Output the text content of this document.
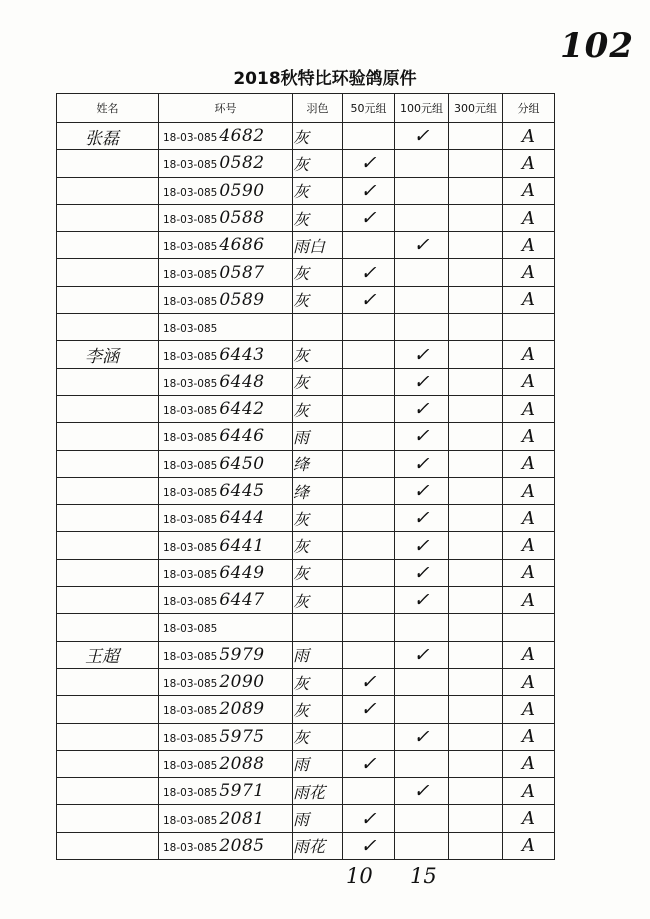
102
2018秋特比环验鸽原件
姓名	环号	羽色	50元组	100元组	300元组	分组
张磊	18-03-085 4682	灰		✓		A
	18-03-085 0582	灰	✓			A
	18-03-085 0590	灰	✓			A
	18-03-085 0588	灰	✓			A
	18-03-085 4686	雨白		✓		A
	18-03-085 0587	灰	✓			A
	18-03-085 0589	灰	✓			A
	18-03-085					
李涵	18-03-085 6443	灰		✓		A
	18-03-085 6448	灰		✓		A
	18-03-085 6442	灰		✓		A
	18-03-085 6446	雨		✓		A
	18-03-085 6450	绛		✓		A
	18-03-085 6445	绛		✓		A
	18-03-085 6444	灰		✓		A
	18-03-085 6441	灰		✓		A
	18-03-085 6449	灰		✓		A
	18-03-085 6447	灰		✓		A
	18-03-085					
王超	18-03-085 5979	雨		✓		A
	18-03-085 2090	灰	✓			A
	18-03-085 2089	灰	✓			A
	18-03-085 5975	灰		✓		A
	18-03-085 2088	雨	✓			A
	18-03-085 5971	雨花		✓		A
	18-03-085 2081	雨	✓			A
	18-03-085 2085	雨花	✓			A
10 15
